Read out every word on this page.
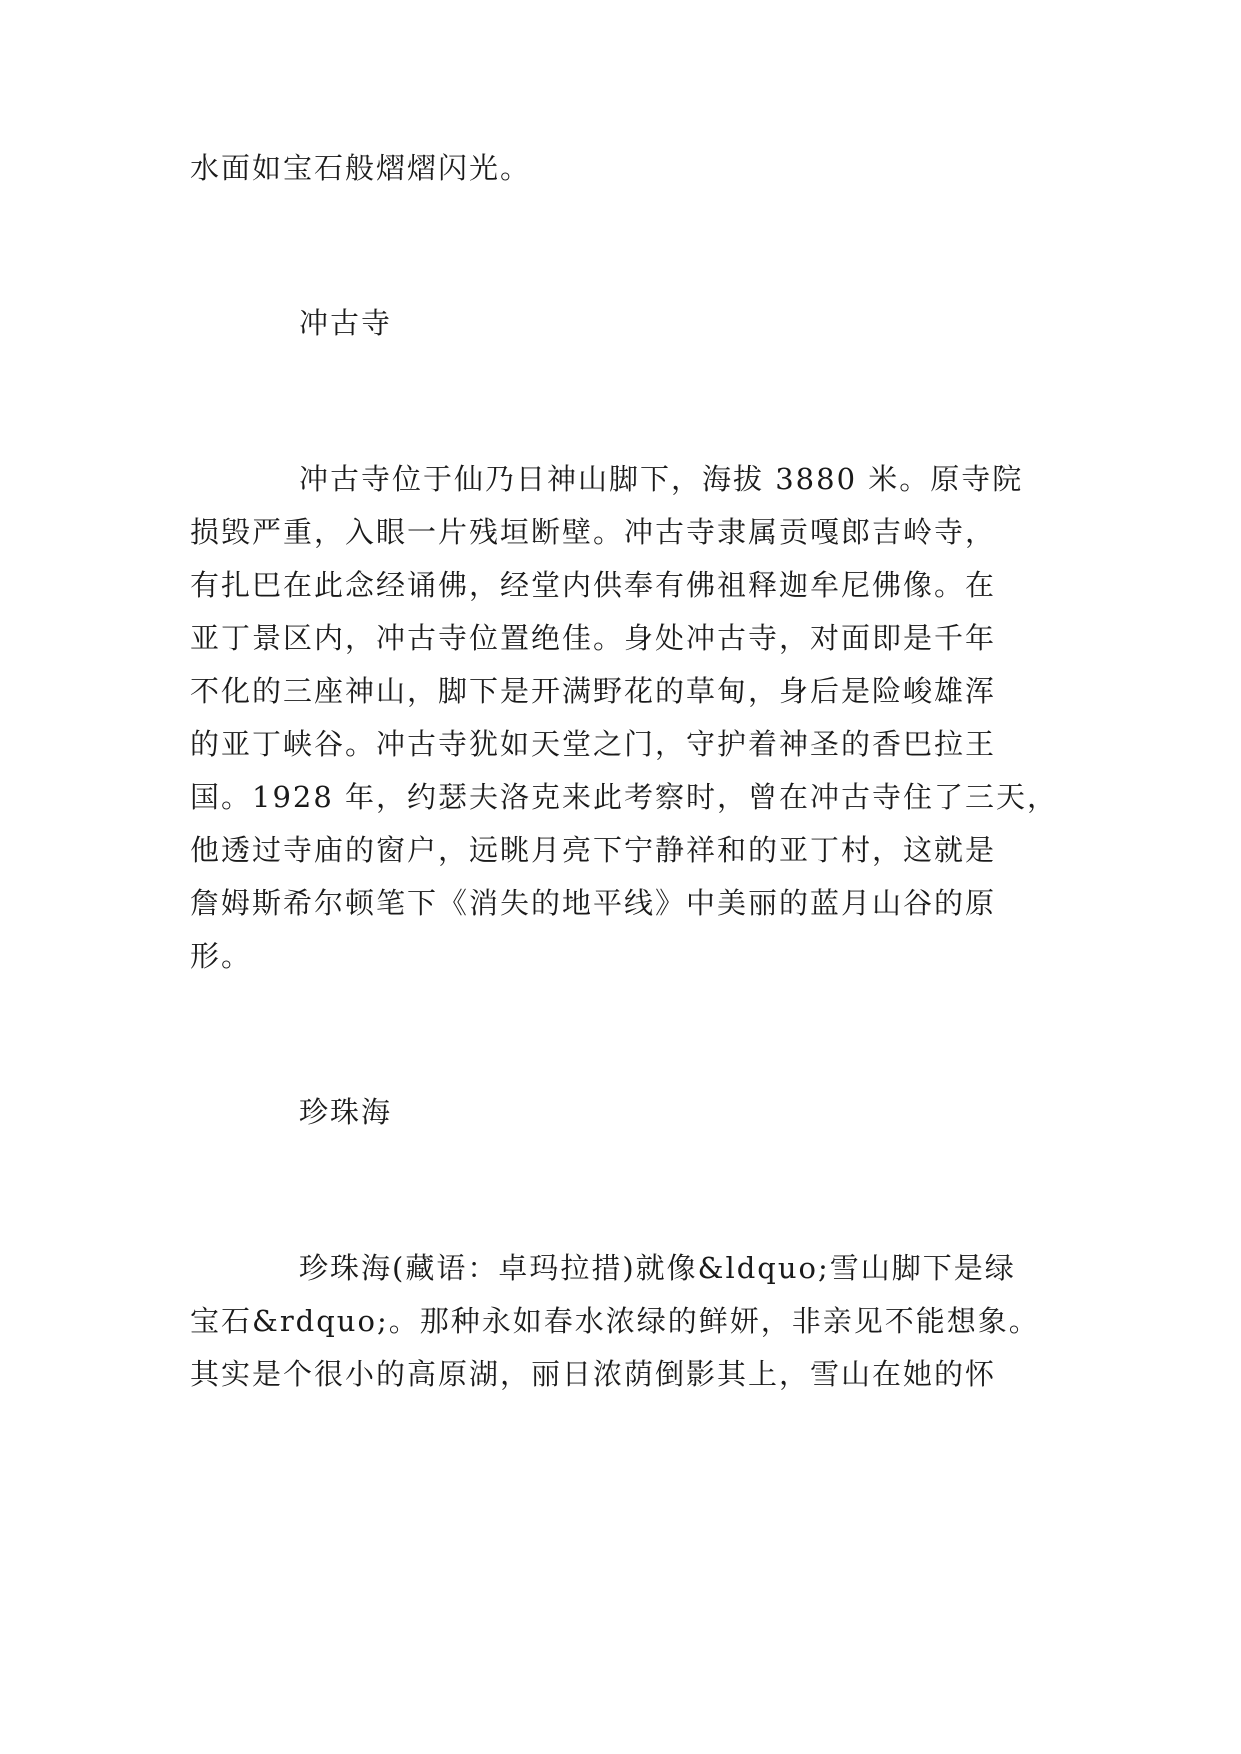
水面如宝石般熠熠闪光。
冲古寺
冲古寺位于仙乃日神山脚下，海拔 3880 米。原寺院
损毁严重，入眼一片残垣断壁。冲古寺隶属贡嘎郎吉岭寺，
有扎巴在此念经诵佛，经堂内供奉有佛祖释迦牟尼佛像。在
亚丁景区内，冲古寺位置绝佳。身处冲古寺，对面即是千年
不化的三座神山，脚下是开满野花的草甸，身后是险峻雄浑
的亚丁峡谷。冲古寺犹如天堂之门，守护着神圣的香巴拉王
国。1928 年，约瑟夫洛克来此考察时，曾在冲古寺住了三天，
他透过寺庙的窗户，远眺月亮下宁静祥和的亚丁村，这就是
詹姆斯希尔顿笔下《消失的地平线》中美丽的蓝月山谷的原
形。
珍珠海
珍珠海(藏语：卓玛拉措)就像&ldquo;雪山脚下是绿
宝石&rdquo;。那种永如春水浓绿的鲜妍，非亲见不能想象。
其实是个很小的高原湖，丽日浓荫倒影其上，雪山在她的怀
